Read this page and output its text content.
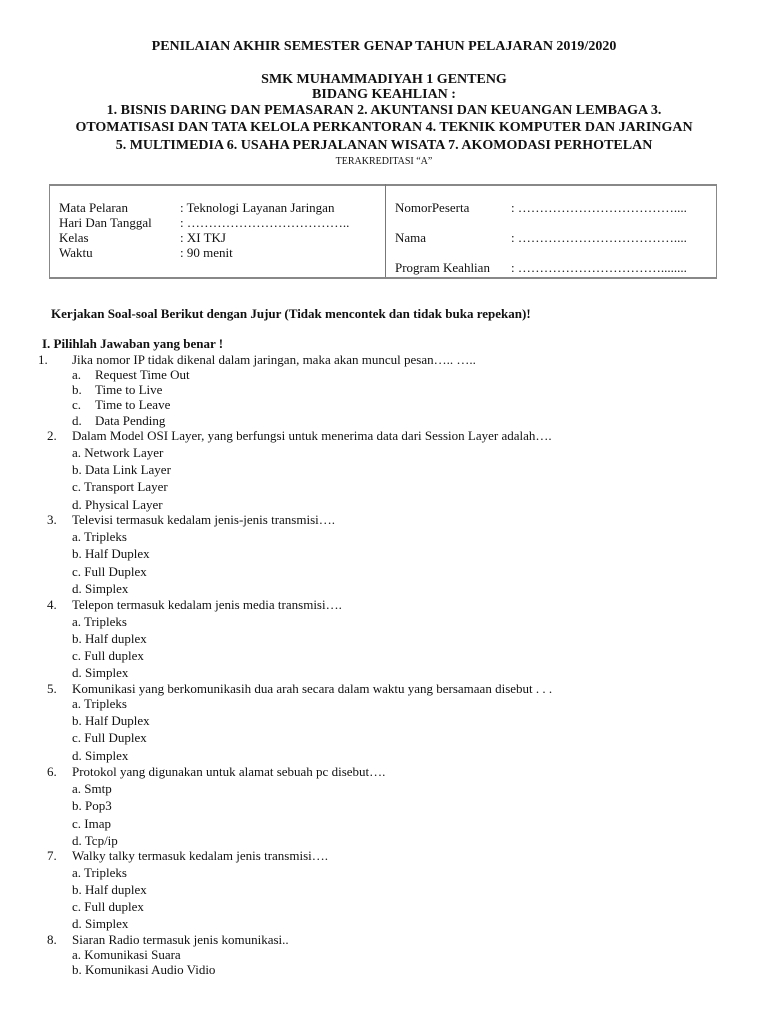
PENILAIAN AKHIR SEMESTER GENAP TAHUN PELAJARAN 2019/2020
SMK MUHAMMADIYAH 1 GENTENG
BIDANG KEAHLIAN :
1. BISNIS DARING DAN PEMASARAN 2. AKUNTANSI DAN KEUANGAN LEMBAGA 3.
OTOMATISASI DAN TATA KELOLA PERKANTORAN 4. TEKNIK KOMPUTER DAN JARINGAN
5. MULTIMEDIA 6. USAHA PERJALANAN WISATA 7. AKOMODASI PERHOTELAN
TERAKREDITASI “A”
Mata Pelaran	: Teknologi Layanan Jaringan
Hari Dan Tanggal : ………………………………..
Kelas	: XI TKJ
Waktu	: 90 menit
NomorPeserta	: ………………………………....
Nama	: ………………………………....
Program Keahlian : ……………………………........
Kerjakan Soal-soal Berikut dengan Jujur (Tidak mencontek dan tidak buka repekan)!
I. Pilihlah Jawaban yang benar !
1. Jika nomor IP tidak dikenal dalam jaringan, maka akan muncul pesan….. …..
a. Request Time Out
b. Time to Live
c. Time to Leave
d. Data Pending
2. Dalam Model OSI Layer, yang berfungsi untuk menerima data dari Session Layer adalah….
a. Network Layer
b. Data Link Layer
c. Transport Layer
d. Physical Layer
3. Televisi termasuk kedalam jenis-jenis transmisi….
a. Tripleks
b. Half Duplex
c. Full Duplex
d. Simplex
4. Telepon termasuk kedalam jenis media transmisi….
a. Tripleks
b. Half duplex
c. Full duplex
d. Simplex
5. Komunikasi yang berkomunikasih dua arah secara dalam waktu yang bersamaan disebut . . .
a. Tripleks
b. Half Duplex
c. Full Duplex
d. Simplex
6. Protokol yang digunakan untuk alamat sebuah pc disebut….
a. Smtp
b. Pop3
c. Imap
d. Tcp/ip
7. Walky talky termasuk kedalam jenis transmisi….
a. Tripleks
b. Half duplex
c. Full duplex
d. Simplex
8. Siaran Radio termasuk jenis komunikasi..
a. Komunikasi Suara
b. Komunikasi Audio Vidio
